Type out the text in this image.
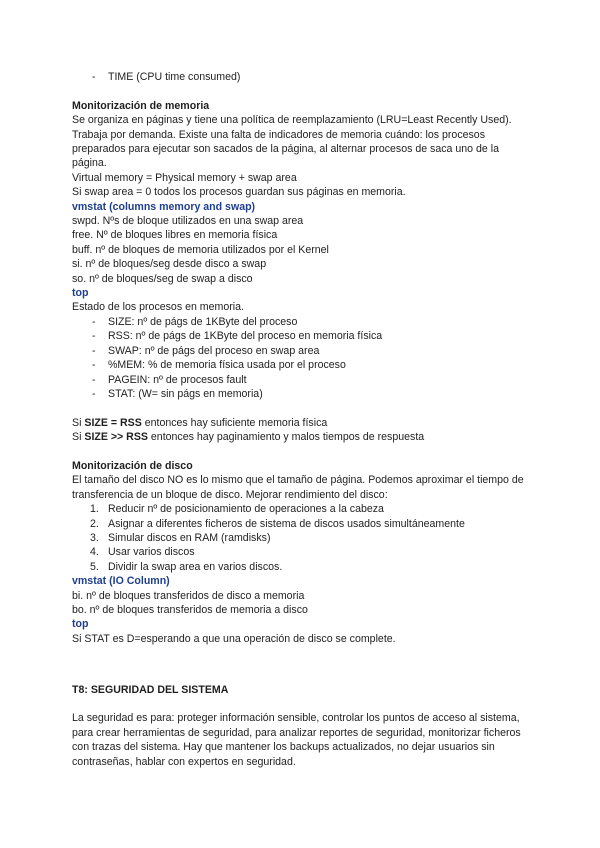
- TIME (CPU time consumed)

Monitorización de memoria

Se organiza en páginas y tiene una política de reemplazamiento (LRU=Least Recently Used). Trabaja por demanda. Existe una falta de indicadores de memoria cuándo: los procesos preparados para ejecutar son sacados de la página, al alternar procesos de saca uno de la página.

Virtual memory = Physical memory + swap area

Si swap area = 0 todos los procesos guardan sus páginas en memoria.

vmstat (columns memory and swap)

swpd. Nºs de bloque utilizados en una swap area

free. Nº de bloques libres en memoria física

buff. nº de bloques de memoria utilizados por el Kernel

si. nº de bloques/seg desde disco a swap

so. nº de bloques/seg de swap a disco

top

Estado de los procesos en memoria.

- SIZE: nº de págs de 1KByte del proceso
- RSS: nº de págs de 1KByte del proceso en memoria física
- SWAP: nº de págs del proceso en swap area
- %MEM: % de memoria física usada por el proceso
- PAGEIN: nº de procesos fault
- STAT: (W= sin págs en memoria)

Si SIZE = RSS entonces hay suficiente memoria física

Si SIZE >> RSS entonces hay paginamiento y malos tiempos de respuesta

Monitorización de disco

El tamaño del disco NO es lo mismo que el tamaño de página. Podemos aproximar el tiempo de transferencia de un bloque de disco. Mejorar rendimiento del disco:

1. Reducir nº de posicionamiento de operaciones a la cabeza
2. Asignar a diferentes ficheros de sistema de discos usados simultáneamente
3. Simular discos en RAM (ramdisks)
4. Usar varios discos
5. Dividir la swap area en varios discos.

vmstat (IO Column)

bi. nº de bloques transferidos de disco a memoria

bo. nº de bloques transferidos de memoria a disco

top

Si STAT es D=esperando a que una operación de disco se complete.

T8: SEGURIDAD DEL SISTEMA

La seguridad es para: proteger información sensible, controlar los puntos de acceso al sistema, para crear herramientas de seguridad, para analizar reportes de seguridad, monitorizar ficheros con trazas del sistema. Hay que mantener los backups actualizados, no dejar usuarios sin contraseñas, hablar con expertos en seguridad.
